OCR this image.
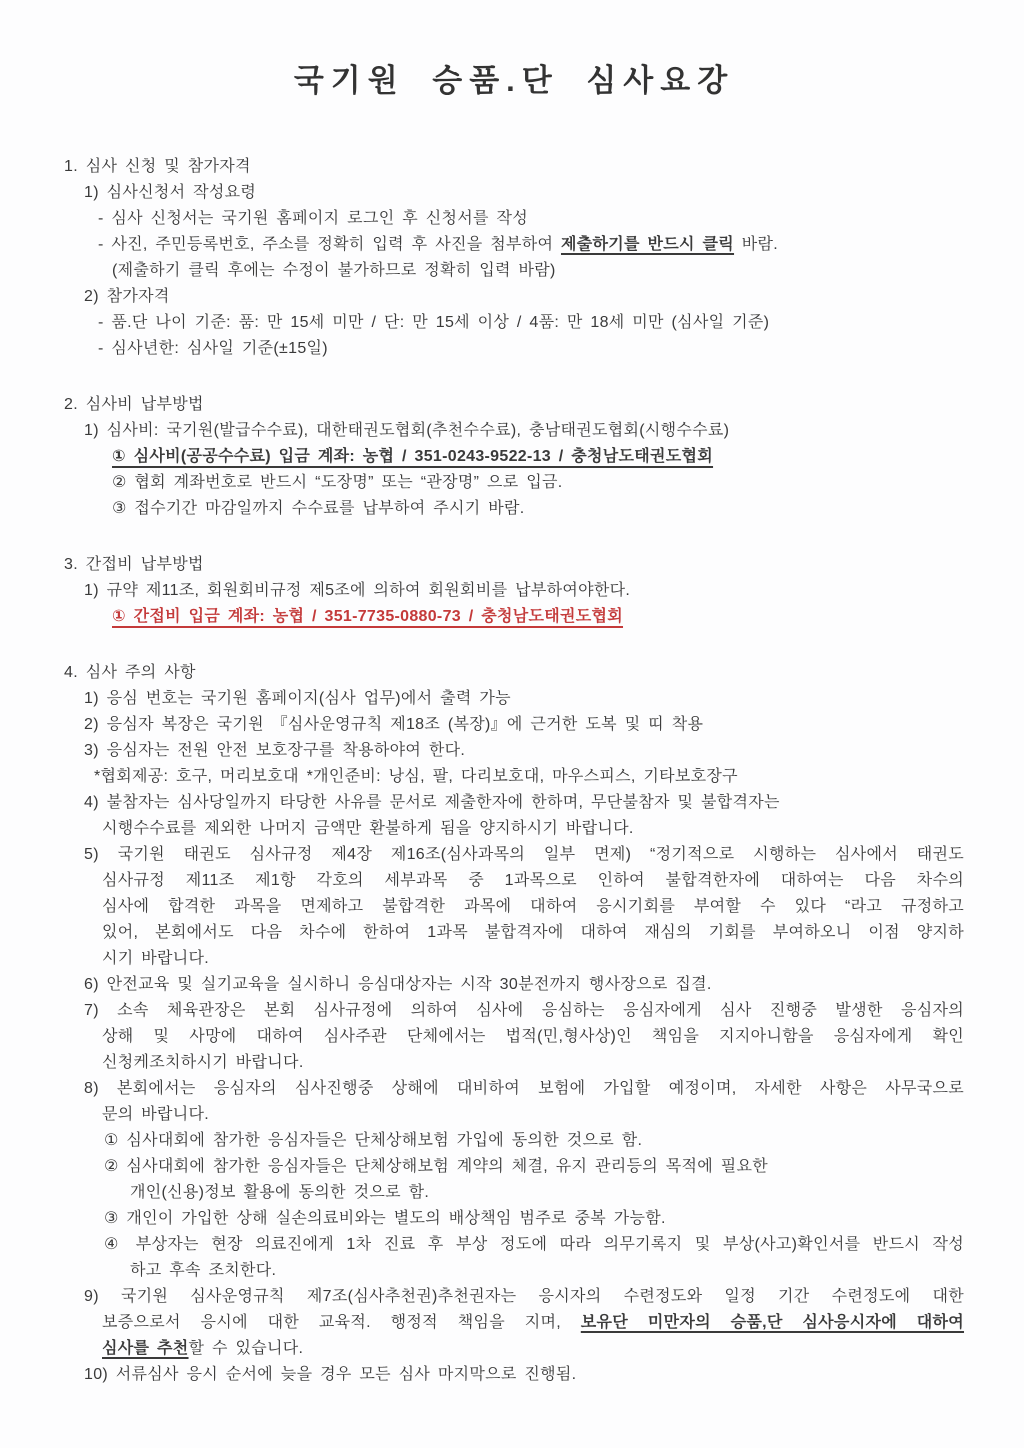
국기원 승품.단 심사요강
1. 심사 신청 및 참가자격
1) 심사신청서 작성요령
- 심사 신청서는 국기원 홈페이지 로그인 후 신청서를 작성
- 사진, 주민등록번호, 주소를 정확히 입력 후 사진을 첨부하여 제출하기를 반드시 클릭 바람.
(제출하기 클릭 후에는 수정이 불가하므로 정확히 입력 바람)
2) 참가자격
- 품.단 나이 기준: 품: 만 15세 미만 / 단: 만 15세 이상 / 4품: 만 18세 미만 (심사일 기준)
- 심사년한: 심사일 기준(±15일)
2. 심사비 납부방법
1) 심사비: 국기원(발급수수료), 대한태권도협회(추천수수료), 충남태권도협회(시행수수료)
① 심사비(공공수수료) 입금 계좌: 농협 / 351-0243-9522-13 / 충청남도태권도협회
② 협회 계좌번호로 반드시 “도장명” 또는 “관장명” 으로 입금.
③ 접수기간 마감일까지 수수료를 납부하여 주시기 바람.
3. 간접비 납부방법
1) 규약 제11조, 회원회비규정 제5조에 의하여 회원회비를 납부하여야한다.
① 간접비 입금 계좌: 농협 / 351-7735-0880-73 / 충청남도태권도협회
4. 심사 주의 사항
1) 응심 번호는 국기원 홈페이지(심사 업무)에서 출력 가능
2) 응심자 복장은 국기원 『심사운영규칙 제18조 (복장)』에 근거한 도복 및 띠 착용
3) 응심자는 전원 안전 보호장구를 착용하야여 한다.
*협회제공: 호구, 머리보호대 *개인준비: 낭심, 팔, 다리보호대, 마우스피스, 기타보호장구
4) 불참자는 심사당일까지 타당한 사유를 문서로 제출한자에 한하며, 무단불참자 및 불합격자는
시행수수료를 제외한 나머지 금액만 환불하게 됨을 양지하시기 바랍니다.
5) 국기원 태권도 심사규정 제4장 제16조(심사과목의 일부 면제) “정기적으로 시행하는 심사에서 태권도
심사규정 제11조 제1항 각호의 세부과목 중 1과목으로 인하여 불합격한자에 대하여는 다음 차수의
심사에 합격한 과목을 면제하고 불합격한 과목에 대하여 응시기회를 부여할 수 있다 “라고 규정하고
있어, 본회에서도 다음 차수에 한하여 1과목 불합격자에 대하여 재심의 기회를 부여하오니 이점 양지하
시기 바랍니다.
6) 안전교육 및 실기교육을 실시하니 응심대상자는 시작 30분전까지 행사장으로 집결.
7) 소속 체육관장은 본회 심사규정에 의하여 심사에 응심하는 응심자에게 심사 진행중 발생한 응심자의
상해 및 사망에 대하여 심사주관 단체에서는 법적(민,형사상)인 책임을 지지아니함을 응심자에게 확인
신청케조치하시기 바랍니다.
8) 본회에서는 응심자의 심사진행중 상해에 대비하여 보험에 가입할 예정이며, 자세한 사항은 사무국으로
문의 바랍니다.
① 심사대회에 참가한 응심자들은 단체상해보험 가입에 동의한 것으로 함.
② 심사대회에 참가한 응심자들은 단체상해보험 계약의 체결, 유지 관리등의 목적에 필요한
개인(신용)정보 활용에 동의한 것으로 함.
③ 개인이 가입한 상해 실손의료비와는 별도의 배상책임 범주로 중복 가능함.
④ 부상자는 현장 의료진에게 1차 진료 후 부상 정도에 따라 의무기록지 및 부상(사고)확인서를 반드시 작성
하고 후속 조치한다.
9) 국기원 심사운영규칙 제7조(심사추천권)추천권자는 응시자의 수련정도와 일정 기간 수련정도에 대한
보증으로서 응시에 대한 교육적. 행정적 책임을 지며, 보유단 미만자의 승품,단 심사응시자에 대하여
심사를 추천할 수 있습니다.
10) 서류심사 응시 순서에 늦을 경우 모든 심사 마지막으로 진행됨.
